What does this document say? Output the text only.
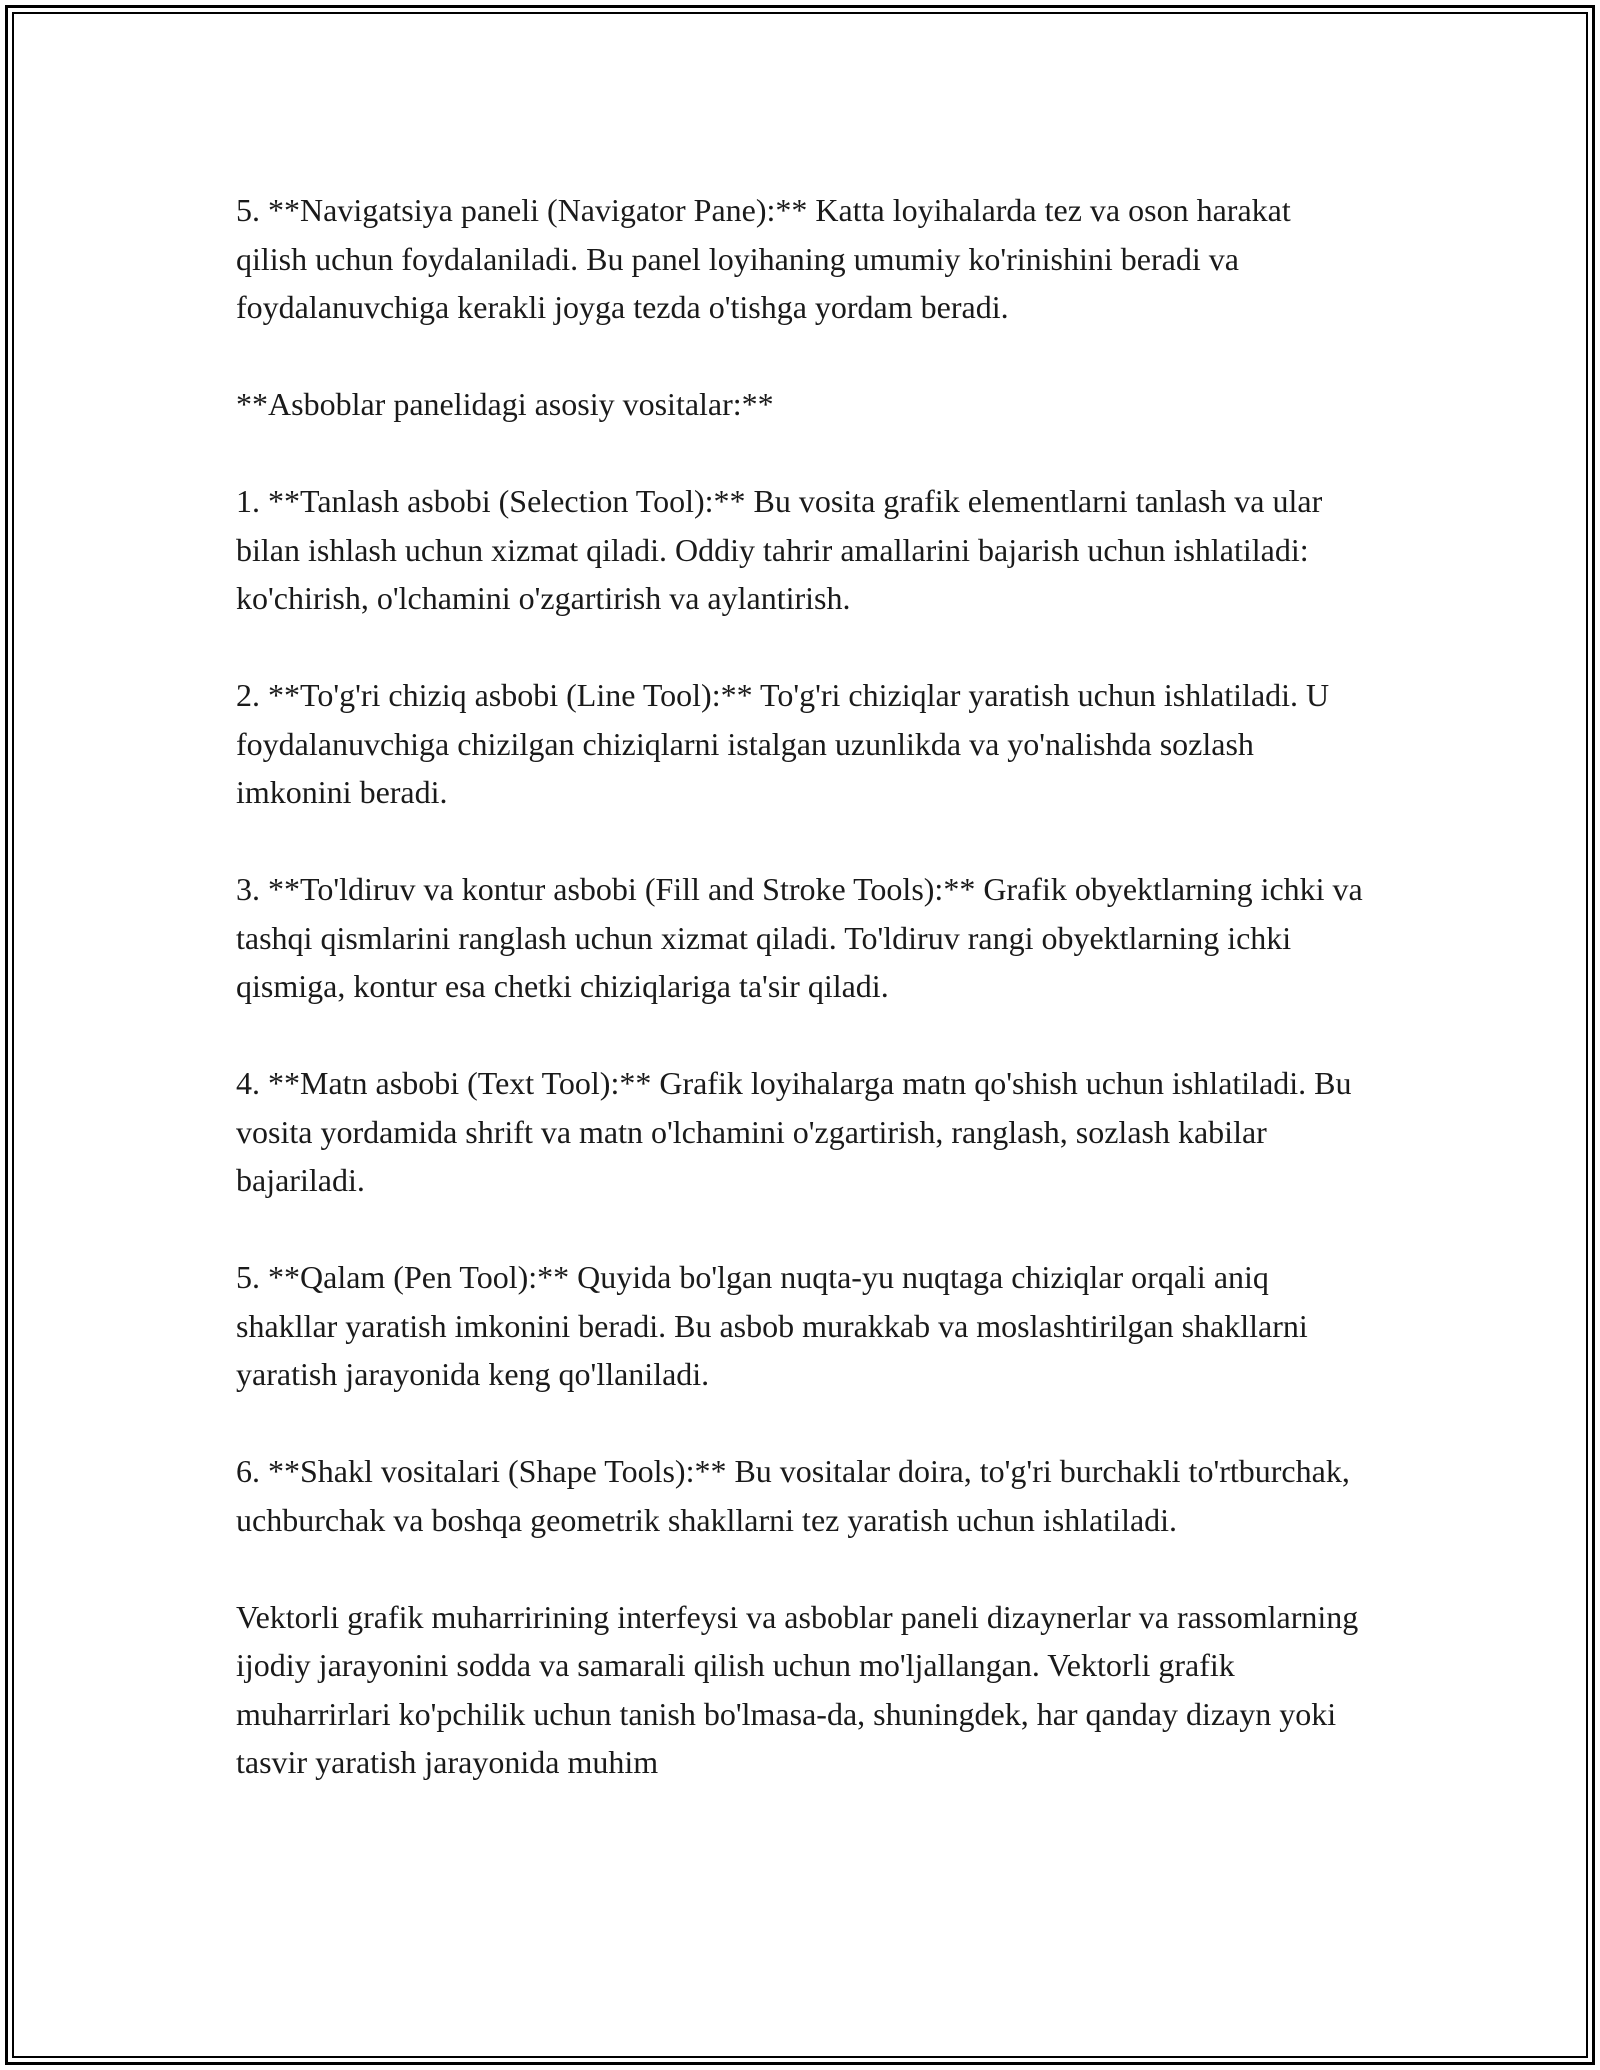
5. **Navigatsiya paneli (Navigator Pane):** Katta loyihalarda tez va oson harakat qilish uchun foydalaniladi. Bu panel loyihaning umumiy ko'rinishini beradi va foydalanuvchiga kerakli joyga tezda o'tishga yordam beradi.

**Asboblar panelidagi asosiy vositalar:**

1. **Tanlash asbobi (Selection Tool):** Bu vosita grafik elementlarni tanlash va ular bilan ishlash uchun xizmat qiladi. Oddiy tahrir amallarini bajarish uchun ishlatiladi: ko'chirish, o'lchamini o'zgartirish va aylantirish.

2. **To'g'ri chiziq asbobi (Line Tool):** To'g'ri chiziqlar yaratish uchun ishlatiladi. U foydalanuvchiga chizilgan chiziqlarni istalgan uzunlikda va yo'nalishda sozlash imkonini beradi.

3. **To'ldiruv va kontur asbobi (Fill and Stroke Tools):** Grafik obyektlarning ichki va tashqi qismlarini ranglash uchun xizmat qiladi. To'ldiruv rangi obyektlarning ichki qismiga, kontur esa chetki chiziqlariga ta'sir qiladi.

4. **Matn asbobi (Text Tool):** Grafik loyihalarga matn qo'shish uchun ishlatiladi. Bu vosita yordamida shrift va matn o'lchamini o'zgartirish, ranglash, sozlash kabilar bajariladi.

5. **Qalam (Pen Tool):** Quyida bo'lgan nuqta-yu nuqtaga chiziqlar orqali aniq shakllar yaratish imkonini beradi. Bu asbob murakkab va moslashtirilgan shakllarni yaratish jarayonida keng qo'llaniladi.

6. **Shakl vositalari (Shape Tools):** Bu vositalar doira, to'g'ri burchakli to'rtburchak, uchburchak va boshqa geometrik shakllarni tez yaratish uchun ishlatiladi.

Vektorli grafik muharririning interfeysi va asboblar paneli dizaynerlar va rassomlarning ijodiy jarayonini sodda va samarali qilish uchun mo'ljallangan. Vektorli grafik muharrirlari ko'pchilik uchun tanish bo'lmasa-da, shuningdek, har qanday dizayn yoki tasvir yaratish jarayonida muhim
